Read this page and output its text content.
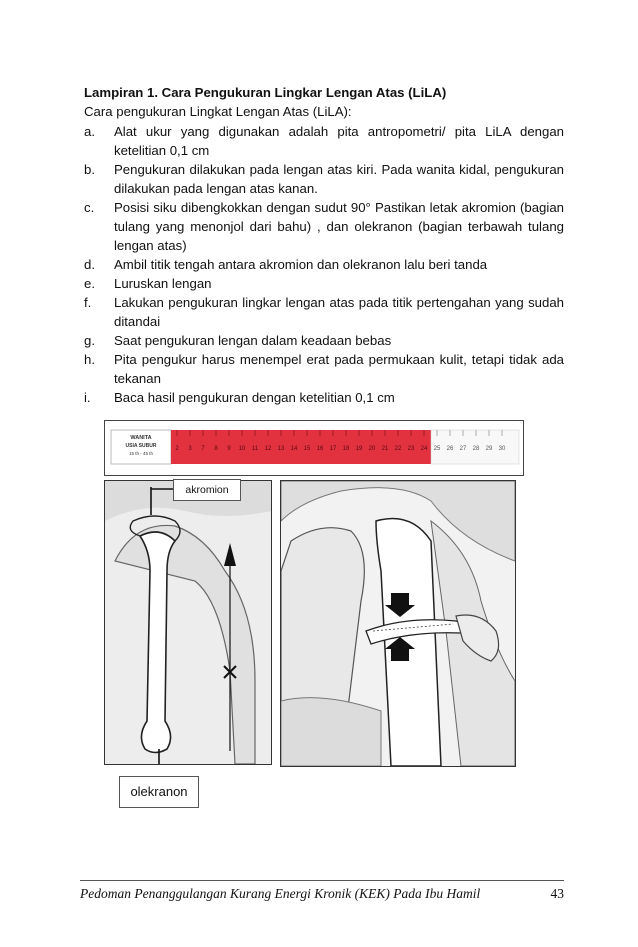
Lampiran 1. Cara Pengukuran Lingkar Lengan Atas (LiLA)
Cara pengukuran Lingkat Lengan Atas (LiLA):
a.	Alat ukur yang digunakan adalah pita antropometri/ pita LiLA dengan ketelitian 0,1 cm
b.	Pengukuran dilakukan pada lengan atas kiri. Pada wanita kidal, pengukuran dilakukan pada lengan atas kanan.
c.	Posisi siku dibengkokkan dengan sudut 90° Pastikan letak akromion (bagian tulang yang menonjol dari bahu) , dan olekranon (bagian terbawah tulang lengan atas)
d.	Ambil titik tengah antara akromion dan olekranon lalu beri tanda
e.	Luruskan lengan
f.	Lakukan pengukuran lingkar lengan atas pada titik pertengahan yang sudah ditandai
g.	Saat pengukuran lengan dalam keadaan bebas
h.	Pita pengukur harus menempel erat pada permukaan kulit, tetapi tidak ada tekanan
i.	Baca hasil pengukuran dengan ketelitian 0,1 cm
WANITA
USIA SUBUR
15 th - 45 th
2 3 7 8 9 10 11 12 13 14 15 16 17 18 19 20 21 22 23 24 25 26 27 28 29 30
akromion
olekranon
Pedoman Penanggulangan Kurang Energi Kronik (KEK) Pada Ibu Hamil	43
